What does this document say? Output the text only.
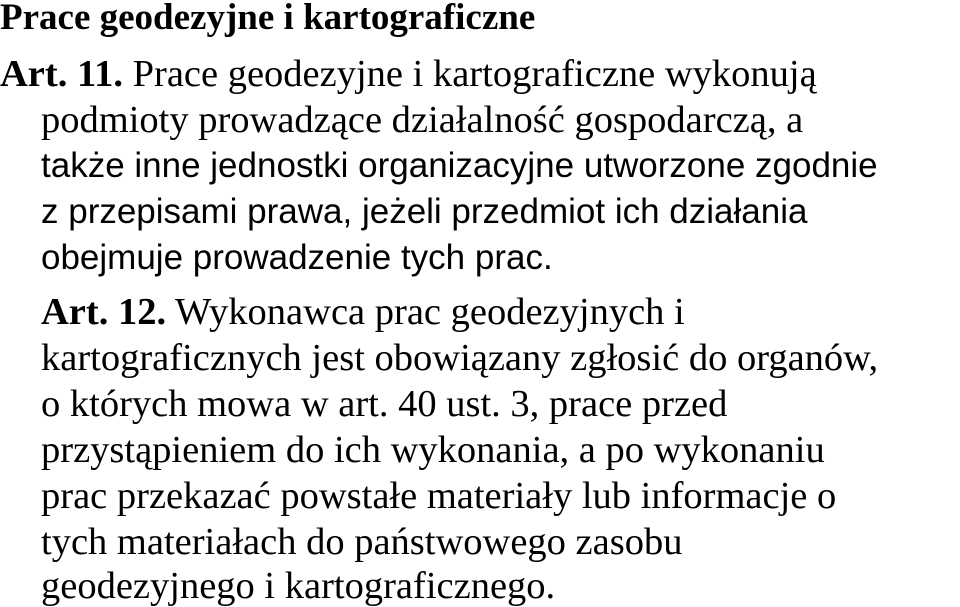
Prace geodezyjne i kartograficzne
Art. 11. Prace geodezyjne i kartograficzne wykonują
podmioty prowadzące działalność gospodarczą, a
także inne jednostki organizacyjne utworzone zgodnie
z przepisami prawa, jeżeli przedmiot ich działania
obejmuje prowadzenie tych prac.
Art. 12. Wykonawca prac geodezyjnych i
kartograficznych jest obowiązany zgłosić do organów,
o których mowa w art. 40 ust. 3, prace przed
przystąpieniem do ich wykonania, a po wykonaniu
prac przekazać powstałe materiały lub informacje o
tych materiałach do państwowego zasobu
geodezyjnego i kartograficznego.
